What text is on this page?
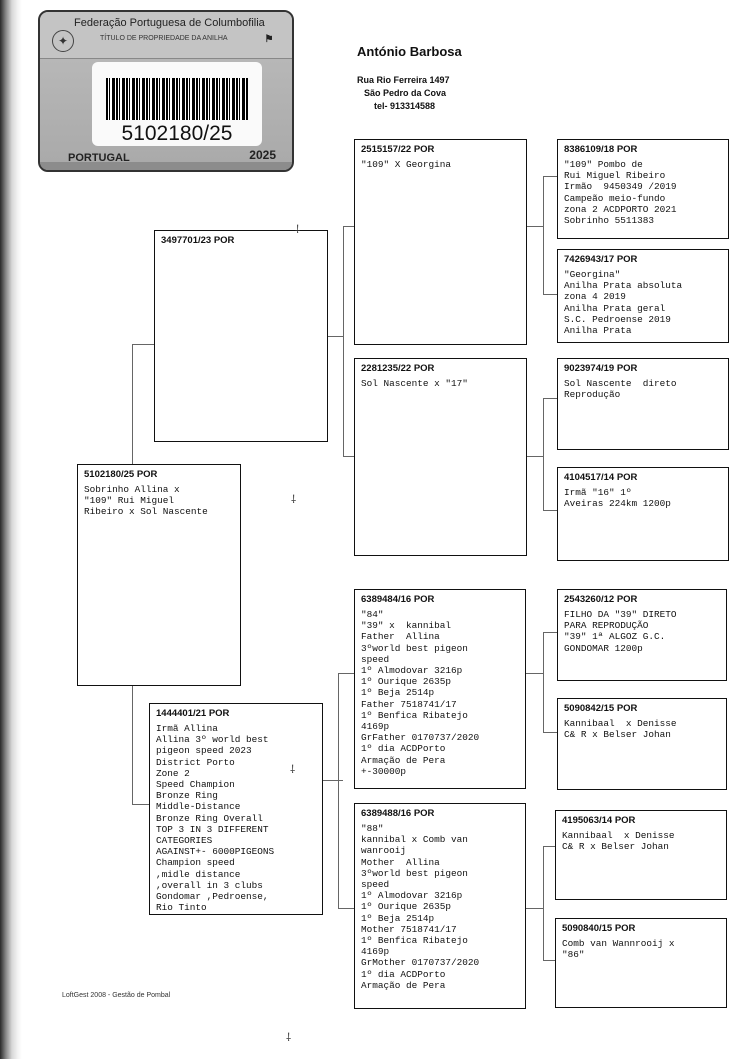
✦
Federação Portuguesa de Columbofilia
TÍTULO DE PROPRIEDADE DA ANILHA	⚑
5102180/25
PORTUGAL	2025
António Barbosa
Rua Rio Ferreira 1497
São Pedro da Cova
tel- 913314588
5102180/25 POR
Sobrinho Allina x
"109" Rui Miguel
Ribeiro x Sol Nascente
3497701/23 POR
1444401/21 POR
Irmã Allina
Allina 3º world best
pigeon speed 2023
District Porto
Zone 2
Speed Champion
Bronze Ring
Middle-Distance
Bronze Ring Overall
TOP 3 IN 3 DIFFERENT
CATEGORIES
AGAINST+- 6000PIGEONS
Champion speed
,midle distance
,overall in 3 clubs
Gondomar ,Pedroense,
Rio Tinto
2515157/22 POR
"109" X Georgina
2281235/22 POR
Sol Nascente x "17"
6389484/16 POR
"84"
"39" x  kannibal
Father  Allina
3ºworld best pigeon
speed
1º Almodovar 3216p
1º Ourique 2635p
1º Beja 2514p
Father 7518741/17
1º Benfica Ribatejo
4169p
GrFather 0170737/2020
1º dia ACDPorto
Armação de Pera
+-30000p
6389488/16 POR
"88"
kannibal x Comb van
wanrooij
Mother  Allina
3ºworld best pigeon
speed
1º Almodovar 3216p
1º Ourique 2635p
1º Beja 2514p
Mother 7518741/17
1º Benfica Ribatejo
4169p
GrMother 0170737/2020
1º dia ACDPorto
Armação de Pera
8386109/18 POR
"109" Pombo de
Rui Miguel Ribeiro
Irmão  9450349 /2019
Campeão meio-fundo
zona 2 ACDPORTO 2021
Sobrinho 5511383
7426943/17 POR
"Georgina"
Anilha Prata absoluta
zona 4 2019
Anilha Prata geral
S.C. Pedroense 2019
Anilha Prata
9023974/19 POR
Sol Nascente  direto
Reprodução
4104517/14 POR
Irmã "16" 1º
Aveiras 224km 1200p
2543260/12 POR
FILHO DA "39" DIRETO
PARA REPRODUÇÃO
"39" 1ª ALGOZ G.C.
GONDOMAR 1200p
5090842/15 POR
Kannibaal  x Denisse
C& R x Belser Johan
4195063/14 POR
Kannibaal  x Denisse
C& R x Belser Johan
5090840/15 POR
Comb van Wannrooij x
"86"
⸸
⸸
⸸
⸸
LoftGest 2008 - Gestão de Pombal
